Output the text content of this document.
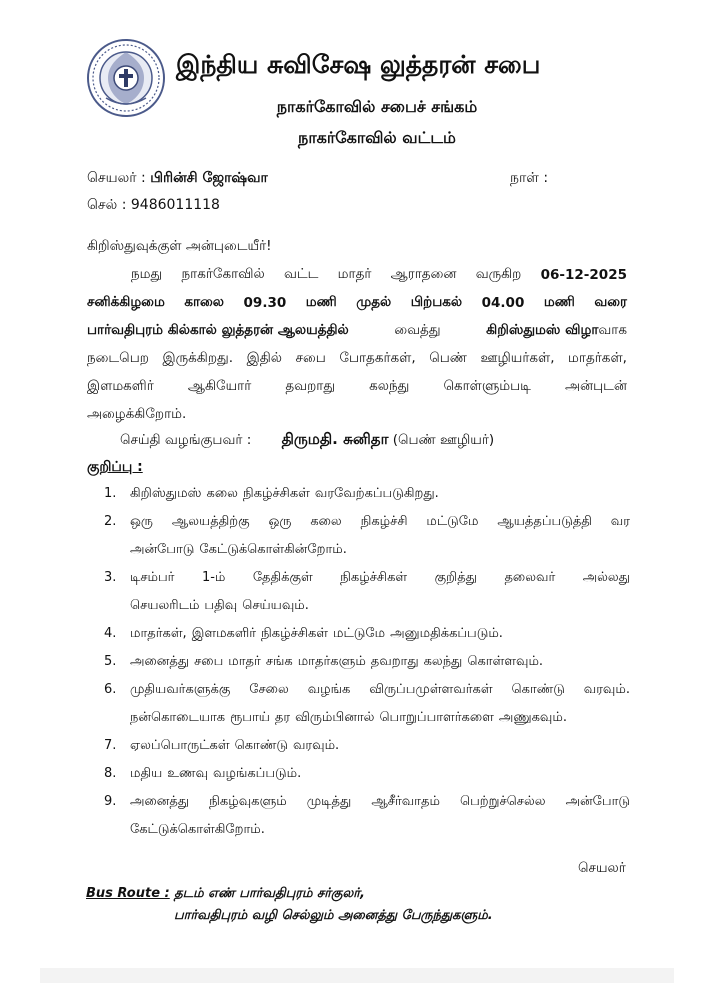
இந்திய சுவிசேஷ லுத்தரன் சபை
நாகர்கோவில் சபைச் சங்கம்
நாகர்கோவில் வட்டம்
செயலர் : பிரின்சி ஜோஷ்வா	நாள் :
செல் : 9486011118
கிறிஸ்துவுக்குள் அன்புடையீர்!
நமது நாகர்கோவில் வட்ட மாதர் ஆராதனை வருகிற 06-12-2025
சனிக்கிழமை காலை 09.30 மணி முதல் பிற்பகல் 04.00 மணி வரை
பார்வதிபுரம் கில்கால் லுத்தரன் ஆலயத்தில்	வைத்து	கிறிஸ்துமஸ் விழாவாக
நடைபெற இருக்கிறது. இதில் சபை போதகர்கள், பெண் ஊழியர்கள், மாதர்கள்,
இளமகளிர்	ஆகியோர்	தவறாது	கலந்து	கொள்ளும்படி	அன்புடன்
அழைக்கிறோம்.
செய்தி வழங்குபவர் : திருமதி. சுனிதா (பெண் ஊழியர்)
குறிப்பு :
1.	கிறிஸ்துமஸ் கலை நிகழ்ச்சிகள் வரவேற்கப்படுகிறது.
2.	ஒரு ஆலயத்திற்கு ஒரு கலை நிகழ்ச்சி மட்டுமே ஆயத்தப்படுத்தி வர
அன்போடு கேட்டுக்கொள்கின்றோம்.
3.	டிசம்பர் 1-ம் தேதிக்குள் நிகழ்ச்சிகள் குறித்து தலைவர் அல்லது
செயலரிடம் பதிவு செய்யவும்.
4.	மாதர்கள், இளமகளிர் நிகழ்ச்சிகள் மட்டுமே அனுமதிக்கப்படும்.
5.	அனைத்து சபை மாதர் சங்க மாதர்களும் தவறாது கலந்து கொள்ளவும்.
6.	முதியவர்களுக்கு சேலை வழங்க விருப்பமுள்ளவர்கள் கொண்டு வரவும்.
நன்கொடையாக ரூபாய் தர விரும்பினால் பொறுப்பாளர்களை அணுகவும்.
7.	ஏலப்பொருட்கள் கொண்டு வரவும்.
8.	மதிய உணவு வழங்கப்படும்.
9.	அனைத்து நிகழ்வுகளும் முடித்து ஆசீர்வாதம் பெற்றுச்செல்ல அன்போடு
கேட்டுக்கொள்கிறோம்.
செயலர்
Bus Route : தடம் எண் பார்வதிபுரம் சர்குலர்,
பார்வதிபுரம் வழி செல்லும் அனைத்து பேருந்துகளும்.
